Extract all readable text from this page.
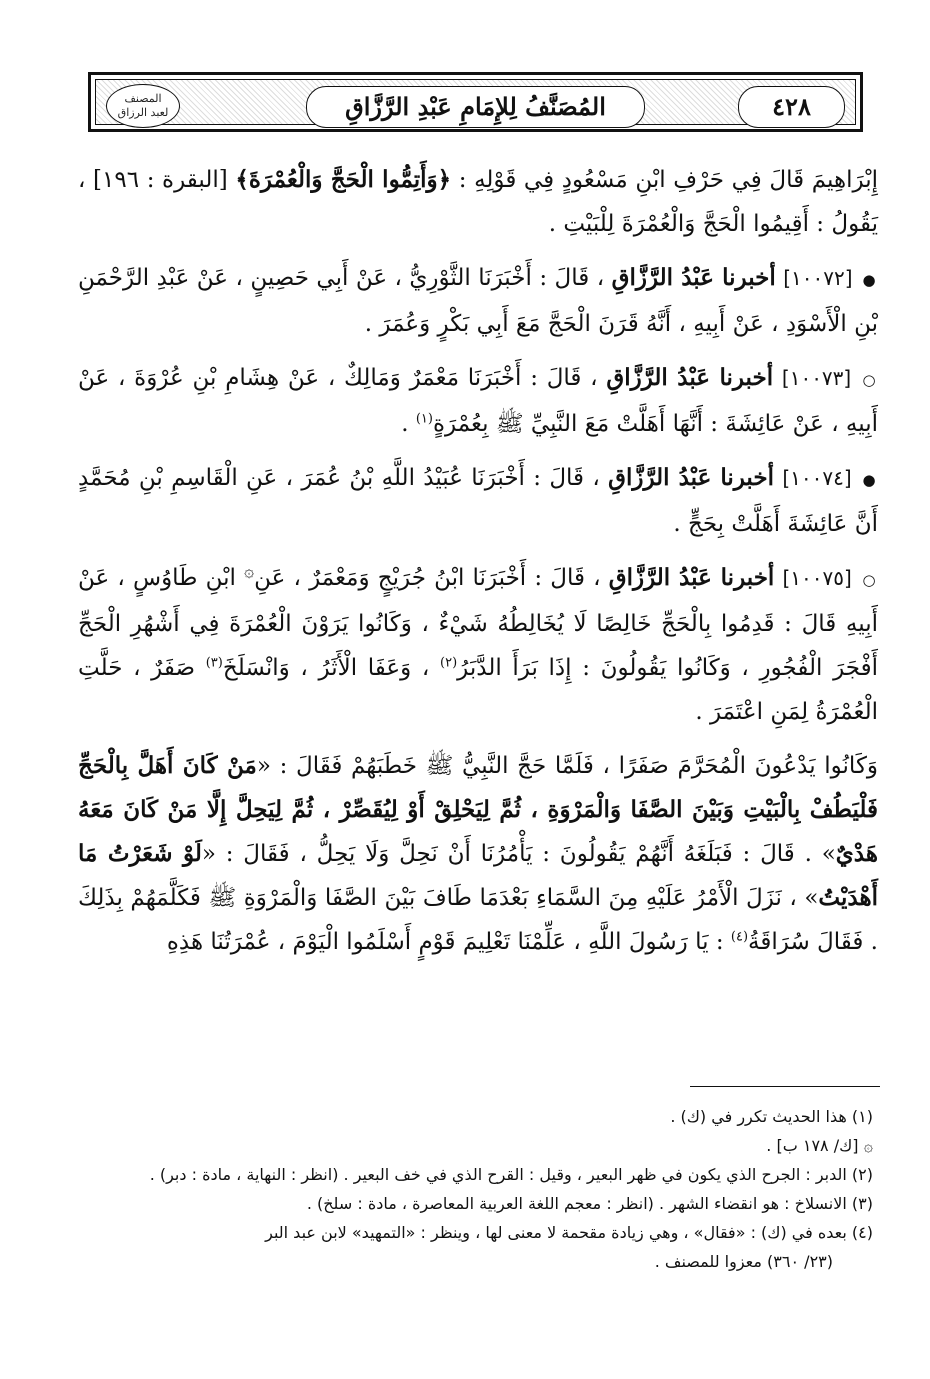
٤٢٨
المُصَنَّفُ لِلإِمَامِ عَبْدِ الرَّزَّاقِ
المصنف
لعبد الرزاق

إِبْرَاهِيمَ قَالَ فِي حَرْفِ ابْنِ مَسْعُودٍ فِي قَوْلِهِ : ﴿وَأَتِمُّوا الْحَجَّ وَالْعُمْرَةَ﴾ [البقرة : ١٩٦] ، يَقُولُ : أَقِيمُوا الْحَجَّ وَالْعُمْرَةَ لِلْبَيْتِ .

● [١٠٠٧٢] أخبرنا عَبْدُ الرَّزَّاقِ ، قَالَ : أَخْبَرَنَا الثَّوْرِيُّ ، عَنْ أَبِي حَصِينٍ ، عَنْ عَبْدِ الرَّحْمَنِ بْنِ الْأَسْوَدِ ، عَنْ أَبِيهِ ، أَنَّهُ قَرَنَ الْحَجَّ مَعَ أَبِي بَكْرٍ وَعُمَرَ .

○ [١٠٠٧٣] أخبرنا عَبْدُ الرَّزَّاقِ ، قَالَ : أَخْبَرَنَا مَعْمَرٌ وَمَالِكٌ ، عَنْ هِشَامِ بْنِ عُرْوَةَ ، عَنْ أَبِيهِ ، عَنْ عَائِشَةَ : أَنَّهَا أَهَلَّتْ مَعَ النَّبِيِّ ﷺ بِعُمْرَةٍ$^{(١)}$ .

● [١٠٠٧٤] أخبرنا عَبْدُ الرَّزَّاقِ ، قَالَ : أَخْبَرَنَا عُبَيْدُ اللَّهِ بْنُ عُمَرَ ، عَنِ الْقَاسِمِ بْنِ مُحَمَّدٍ أَنَّ عَائِشَةَ أَهَلَّتْ بِحَجٍّ .

○ [١٠٠٧٥] أخبرنا عَبْدُ الرَّزَّاقِ ، قَالَ : أَخْبَرَنَا ابْنُ جُرَيْجٍ وَمَعْمَرٌ ، عَنِ۞ ابْنِ طَاوُسٍ ، عَنْ أَبِيهِ قَالَ : قَدِمُوا بِالْحَجِّ خَالِصًا لَا يُخَالِطُهُ شَيْءٌ ، وَكَانُوا يَرَوْنَ الْعُمْرَةَ فِي أَشْهُرِ الْحَجِّ أَفْجَرَ الْفُجُورِ ، وَكَانُوا يَقُولُونَ : إِذَا بَرَأَ الدَّبَرُ$^{(٢)}$ ، وَعَفَا الْأَثَرُ ، وَانْسَلَخَ$^{(٣)}$ صَفَرٌ ، حَلَّتِ الْعُمْرَةُ لِمَنِ اعْتَمَرَ .

وَكَانُوا يَدْعُونَ الْمُحَرَّمَ صَفَرًا ، فَلَمَّا حَجَّ النَّبِيُّ ﷺ خَطَبَهُمْ فَقَالَ : «مَنْ كَانَ أَهَلَّ بِالْحَجِّ فَلْيَطُفْ بِالْبَيْتِ وَبَيْنَ الصَّفَا وَالْمَرْوَةِ ، ثُمَّ لِيَحْلِقْ أَوْ لِيُقَصِّرْ ، ثُمَّ لِيَحِلَّ إِلَّا مَنْ كَانَ مَعَهُ هَدْيٌ» . قَالَ : فَبَلَغَهُ أَنَّهُمْ يَقُولُونَ : يَأْمُرُنَا أَنْ نَحِلَّ وَلَا يَحِلُّ ، فَقَالَ : «لَوْ شَعَرْتُ مَا أَهْدَيْتُ» ، نَزَلَ الْأَمْرُ عَلَيْهِ مِنَ السَّمَاءِ بَعْدَمَا طَافَ بَيْنَ الصَّفَا وَالْمَرْوَةِ ﷺ فَكَلَّمَهُمْ بِذَلِكَ . فَقَالَ سُرَاقَةُ$^{(٤)}$ : يَا رَسُولَ اللَّهِ ، عَلِّمْنَا تَعْلِيمَ قَوْمٍ أَسْلَمُوا الْيَوْمَ ، عُمْرَتُنَا هَذِهِ

(١) هذا الحديث تكرر في (ك) .

۞ [ك/ ١٧٨ ب] .

(٢) الدبر : الجرح الذي يكون في ظهر البعير ، وقيل : القرح الذي في خف البعير . (انظر : النهاية ، مادة : دبر) .

(٣) الانسلاخ : هو انقضاء الشهر . (انظر : معجم اللغة العربية المعاصرة ، مادة : سلخ) .

(٤) بعده في (ك) : «فقال» ، وهي زيادة مقحمة لا معنى لها ، وينظر : «التمهيد» لابن عبد البر

(٢٣/ ٣٦٠) معزوا للمصنف .
